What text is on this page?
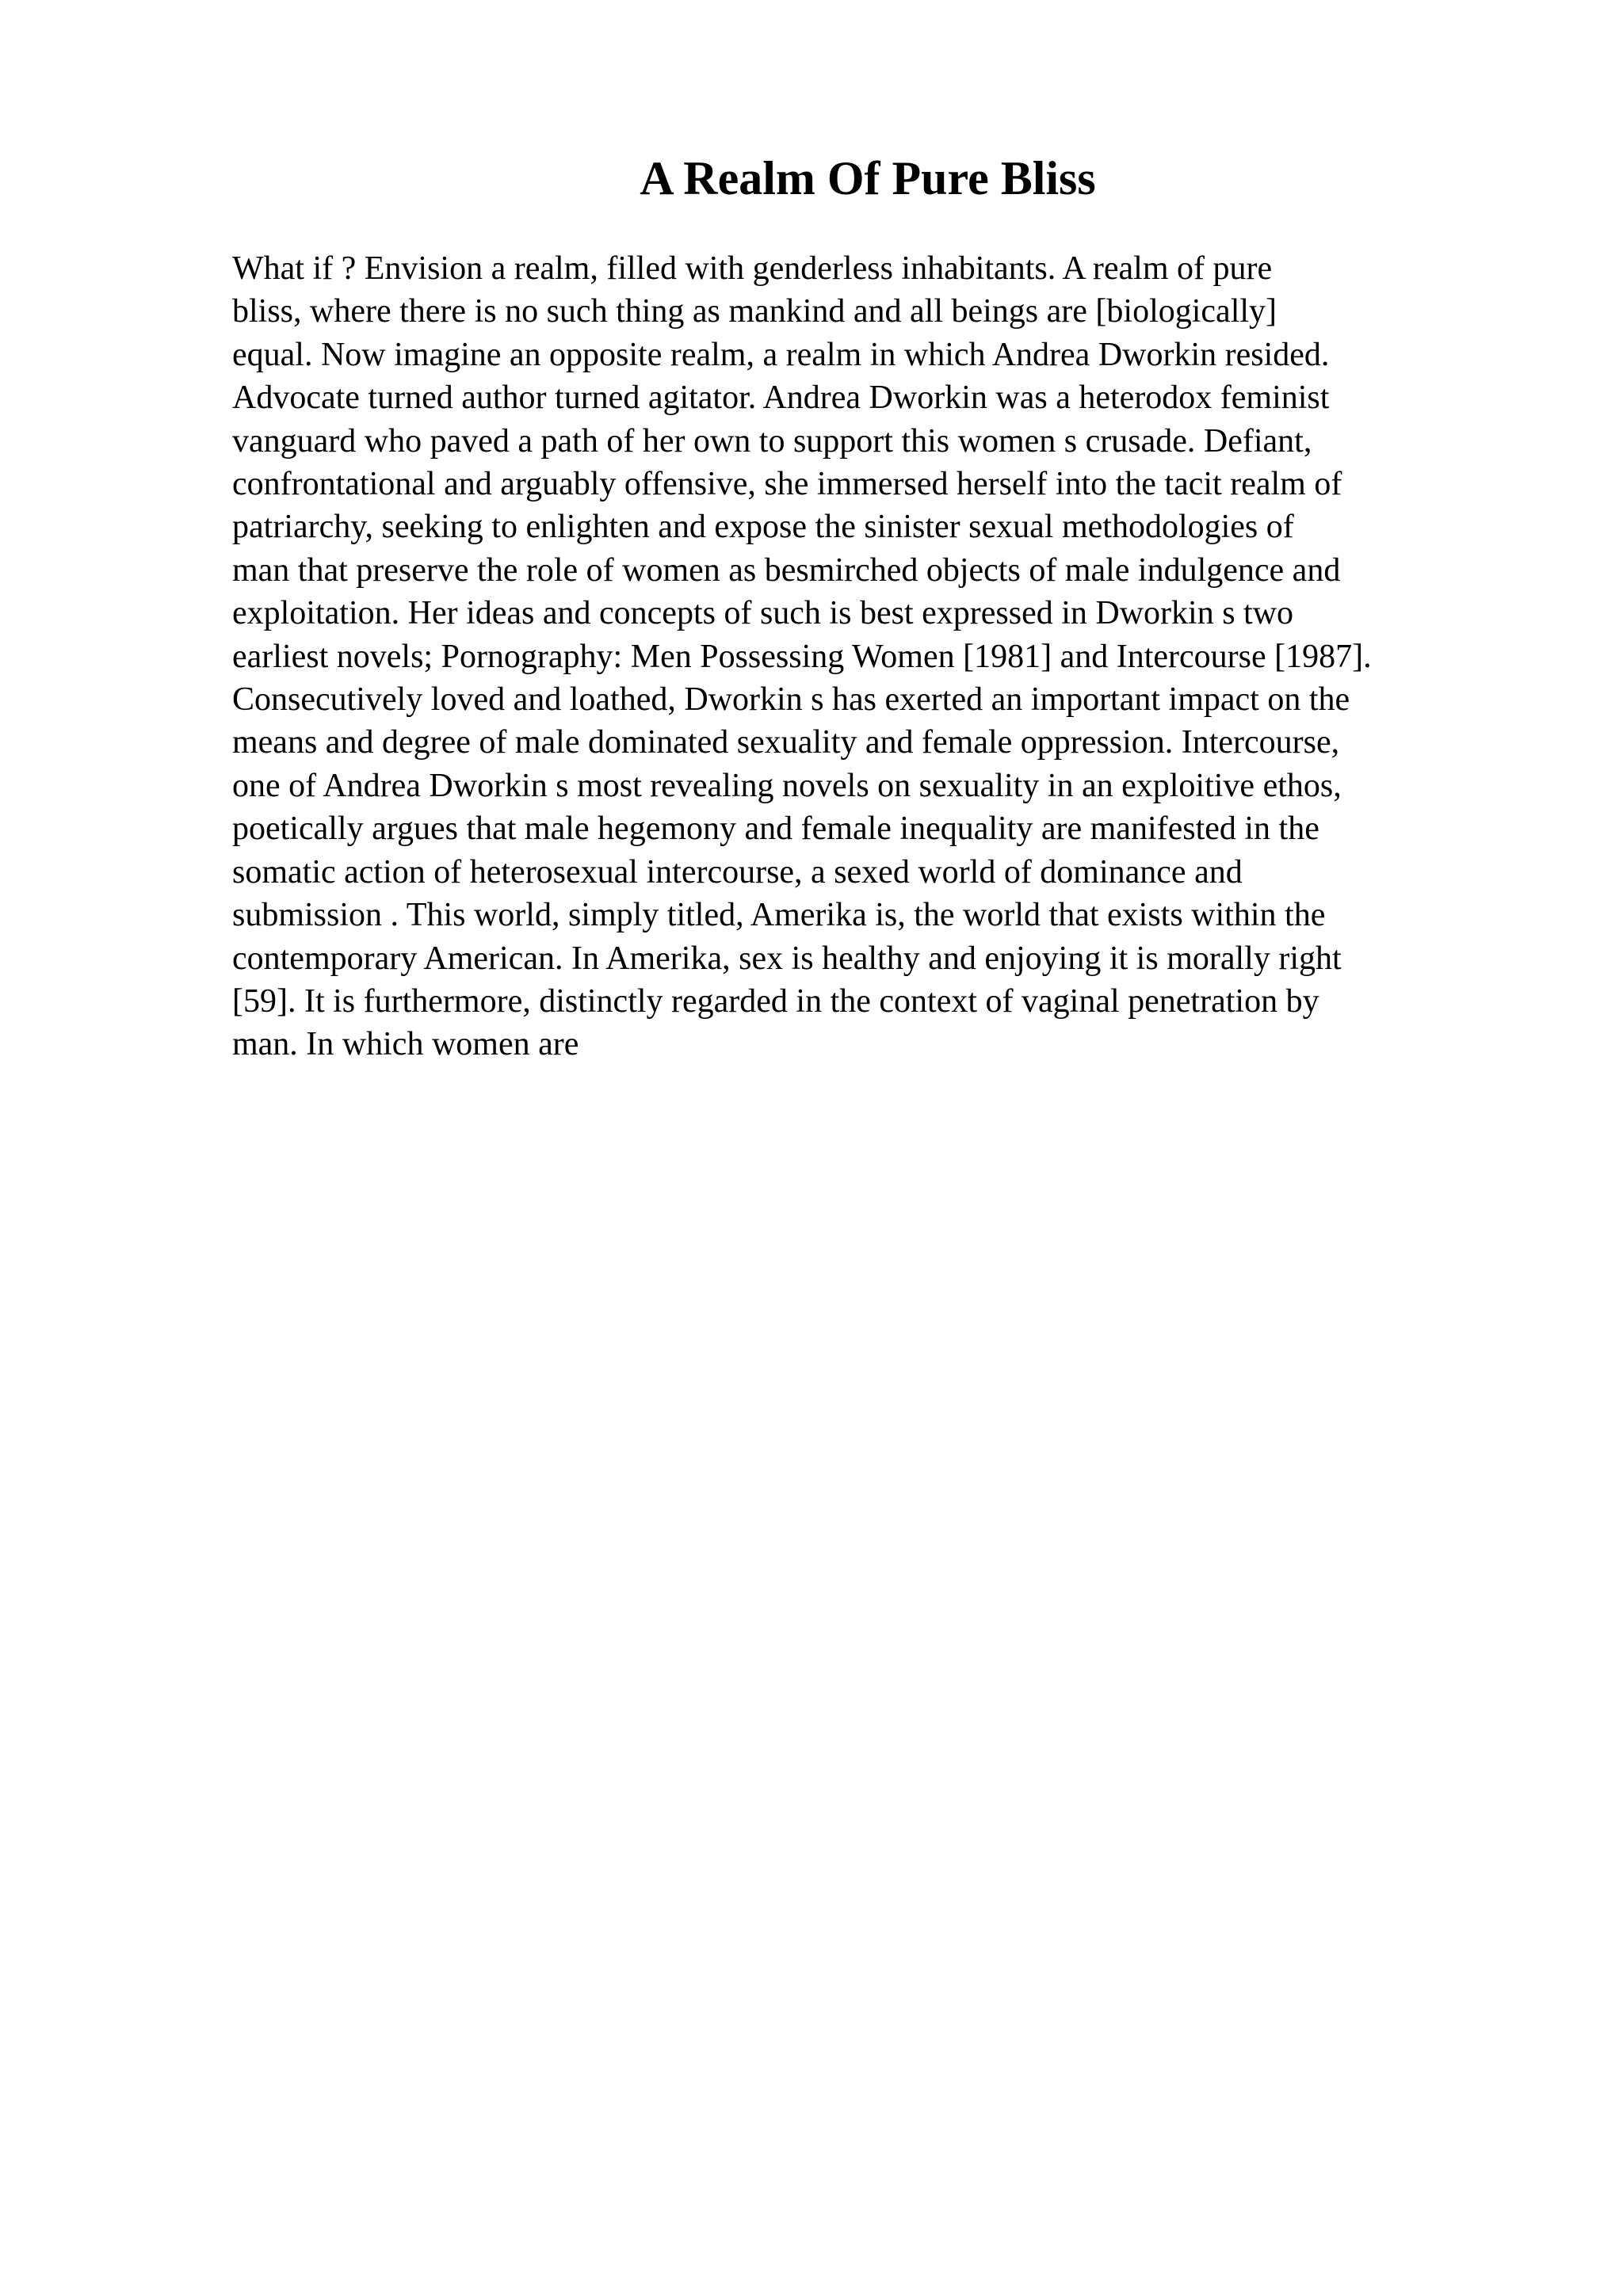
A Realm Of Pure Bliss
What if ? Envision a realm, filled with genderless inhabitants. A realm of pure
bliss, where there is no such thing as mankind and all beings are [biologically]
equal. Now imagine an opposite realm, a realm in which Andrea Dworkin resided.
Advocate turned author turned agitator. Andrea Dworkin was a heterodox feminist
vanguard who paved a path of her own to support this women s crusade. Defiant,
confrontational and arguably offensive, she immersed herself into the tacit realm of
patriarchy, seeking to enlighten and expose the sinister sexual methodologies of
man that preserve the role of women as besmirched objects of male indulgence and
exploitation. Her ideas and concepts of such is best expressed in Dworkin s two
earliest novels; Pornography: Men Possessing Women [1981] and Intercourse [1987].
Consecutively loved and loathed, Dworkin s has exerted an important impact on the
means and degree of male dominated sexuality and female oppression. Intercourse,
one of Andrea Dworkin s most revealing novels on sexuality in an exploitive ethos,
poetically argues that male hegemony and female inequality are manifested in the
somatic action of heterosexual intercourse, a sexed world of dominance and
submission . This world, simply titled, Amerika is, the world that exists within the
contemporary American. In Amerika, sex is healthy and enjoying it is morally right
[59]. It is furthermore, distinctly regarded in the context of vaginal penetration by
man. In which women are
